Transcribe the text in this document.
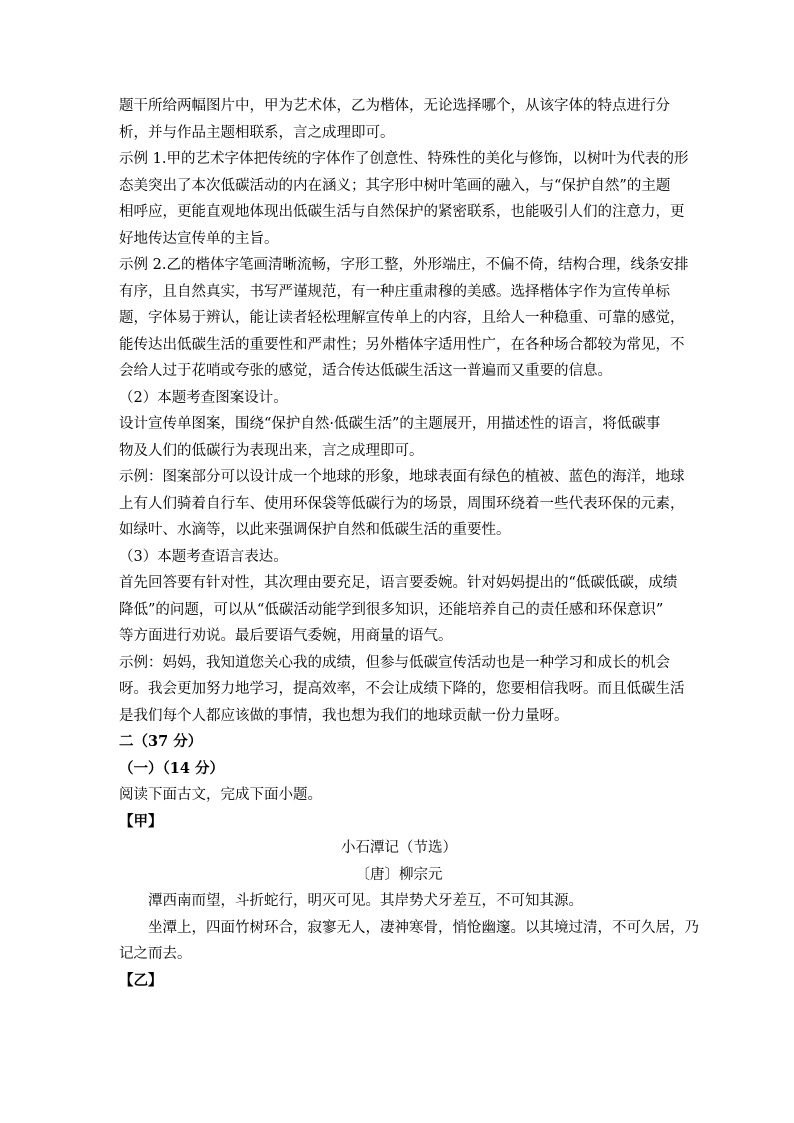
题干所给两幅图片中，甲为艺术体，乙为楷体，无论选择哪个，从该字体的特点进行分
析，并与作品主题相联系，言之成理即可。
示例 1.甲的艺术字体把传统的字体作了创意性、特殊性的美化与修饰，以树叶为代表的形
态美突出了本次低碳活动的内在涵义；其字形中树叶笔画的融入，与“保护自然”的主题
相呼应，更能直观地体现出低碳生活与自然保护的紧密联系，也能吸引人们的注意力，更
好地传达宣传单的主旨。
示例 2.乙的楷体字笔画清晰流畅，字形工整，外形端庄，不偏不倚，结构合理，线条安排
有序，且自然真实，书写严谨规范，有一种庄重肃穆的美感。选择楷体字作为宣传单标
题，字体易于辨认，能让读者轻松理解宣传单上的内容，且给人一种稳重、可靠的感觉，
能传达出低碳生活的重要性和严肃性；另外楷体字适用性广，在各种场合都较为常见，不
会给人过于花哨或夸张的感觉，适合传达低碳生活这一普遍而又重要的信息。
（2）本题考查图案设计。
设计宣传单图案，围绕“保护自然·低碳生活”的主题展开，用描述性的语言，将低碳事
物及人们的低碳行为表现出来，言之成理即可。
示例：图案部分可以设计成一个地球的形象，地球表面有绿色的植被、蓝色的海洋，地球
上有人们骑着自行车、使用环保袋等低碳行为的场景，周围环绕着一些代表环保的元素，
如绿叶、水滴等，以此来强调保护自然和低碳生活的重要性。
（3）本题考查语言表达。
首先回答要有针对性，其次理由要充足，语言要委婉。针对妈妈提出的“低碳低碳，成绩
降低”的问题，可以从“低碳活动能学到很多知识，还能培养自己的责任感和环保意识”
等方面进行劝说。最后要语气委婉，用商量的语气。
示例：妈妈，我知道您关心我的成绩，但参与低碳宣传活动也是一种学习和成长的机会
呀。我会更加努力地学习，提高效率，不会让成绩下降的，您要相信我呀。而且低碳生活
是我们每个人都应该做的事情，我也想为我们的地球贡献一份力量呀。
二（37 分）
（一）（14 分）
阅读下面古文，完成下面小题。
【甲】
小石潭记（节选）
〔唐〕柳宗元
潭西南而望，斗折蛇行，明灭可见。其岸势犬牙差互，不可知其源。
坐潭上，四面竹树环合，寂寥无人，凄神寒骨，悄怆幽邃。以其境过清，不可久居，乃
记之而去。
【乙】
